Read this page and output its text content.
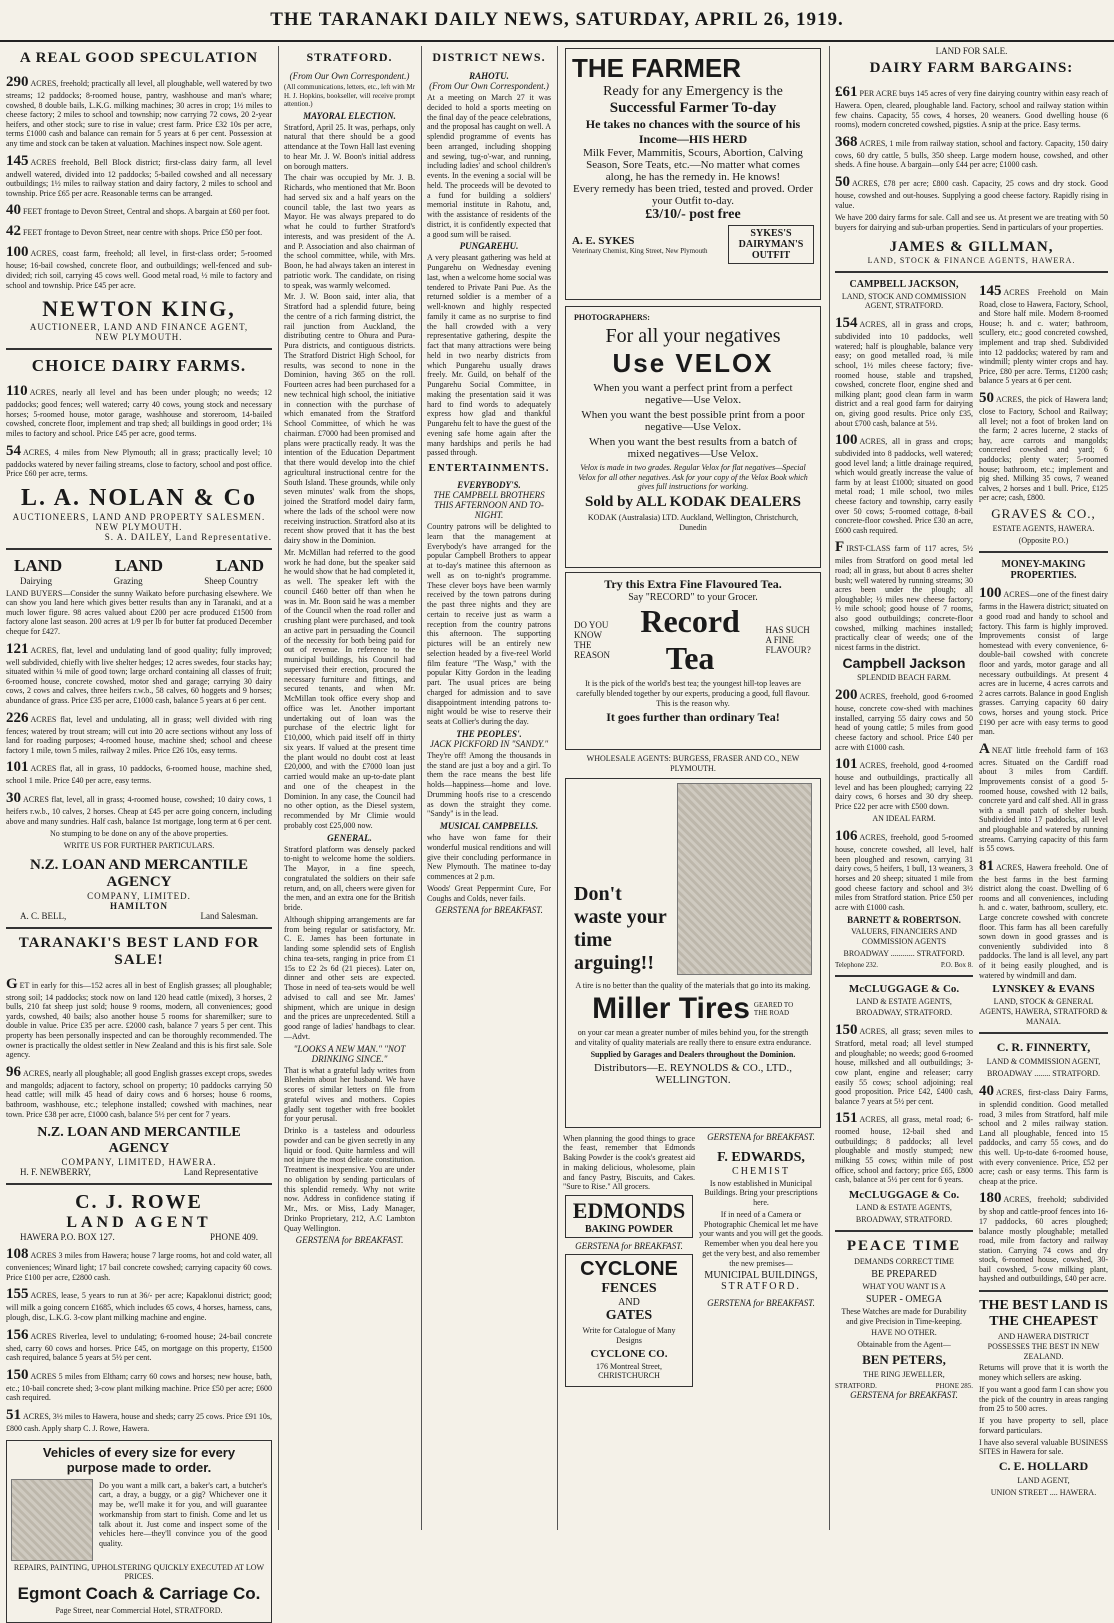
THE TARANAKI DAILY NEWS, SATURDAY, APRIL 26, 1919.
A REAL GOOD SPECULATION
290 ACRES, freehold; practically all level, all ploughable, well watered by two streams; 12 paddocks; 8-roomed house, pantry, washhouse and man's whare; cowshed, 8 double bails, L.K.G. milking machines; 30 acres in crop; 1½ miles to cheese factory; 2 miles to school and township; now carrying 72 cows, 20 2-year heifers, and other stock; sure to rise in value; crest farm. Price £32 10s per acre, terms £1000 cash and balance can remain for 5 years at 6 per cent. Possession at any time and stock can be taken at valuation. Machines inspect now. Sole agent.
145 ACRES freehold, Bell Block district; first-class dairy farm, all level andwell watered, divided into 12 paddocks; 5-bailed cowshed and all necessary outbuildings; 1½ miles to railway station and dairy factory, 2 miles to school and township. Price £65 per acre. Reasonable terms can be arranged.
40 FEET frontage to Devon Street, Central and shops. A bargain at £60 per foot.
42 FEET frontage to Devon Street, near centre with shops. Price £50 per foot.
100 ACRES, coast farm, freehold; all level, in first-class order; 5-roomed house; 16-bail cowshed, concrete floor, and outbuildings; well-fenced and sub-divided; rich soil, carrying 45 cows well. Good metal road, ½ mile to factory and school and township. Price £45 per acre.
NEWTON KING,
AUCTIONEER, LAND AND FINANCE AGENT,
NEW PLYMOUTH.
CHOICE DAIRY FARMS.
110 ACRES, nearly all level and has been under plough; no weeds; 12 paddocks; good fences; well watered; carry 40 cows, young stock and necessary horses; 5-roomed house, motor garage, washhouse and storeroom, 14-bailed cowshed, concrete floor, implement and trap shed; all buildings in good order; 1¼ miles to factory and school. Price £45 per acre, good terms.
54 ACRES, 4 miles from New Plymouth; all in grass; practically level; 10 paddocks watered by never failing streams, close to factory, school and post office. Price £60 per acre, terms.
L. A. NOLAN & Co
AUCTIONEERS, LAND AND PROPERTY SALESMEN.
NEW PLYMOUTH.
S. A. DAILEY, Land Representative.
LAND	LAND	LAND
Dairying	Grazing	Sheep Country
LAND BUYERS—Consider the sunny Waikato before purchasing elsewhere. We can show you land here which gives better results than any in Taranaki, and at a much lower figure. 98 acres valued about £200 per acre produced £1500 from factory alone last season. 200 acres at 1/9 per lb for butter fat produced December cheque for £427.
121 ACRES, flat, level and undulating land of good quality; fully improved; well subdivided, chiefly with live shelter hedges; 12 acres swedes, four stacks hay; situated within ¼ mile of good town; large orchard containing all classes of fruit; 6-roomed house, concrete cowshed, motor shed and garage; carrying 30 dairy cows, 2 cows and calves, three heifers r.w.b., 58 calves, 60 hoggets and 9 horses; abundance of grass. Price £35 per acre, £1000 cash, balance 5 years at 6 per cent.
226 ACRES flat, level and undulating, all in grass; well divided with ring fences; watered by trout stream; will cut into 20 acre sections without any loss of land for roading purposes; 4-roomed house, machine shed; school and cheese factory 1 mile, town 5 miles, railway 2 miles. Price £26 10s, easy terms.
101 ACRES flat, all in grass, 10 paddocks, 6-roomed house, machine shed, school 1 mile. Price £40 per acre, easy terms.
30 ACRES flat, level, all in grass; 4-roomed house, cowshed; 10 dairy cows, 1 heifers r.w.b., 10 calves, 2 horses. Cheap at £45 per acre going concern, including above and many sundries. Half cash, balance 1st mortgage, long term at 6 per cent.
No stumping to be done on any of the above properties.
WRITE US FOR FURTHER PARTICULARS.
N.Z. LOAN AND MERCANTILE AGENCY
COMPANY, LIMITED.
HAMILTON
A. C. BELL,	Land Salesman.
TARANAKI'S BEST LAND FOR SALE!
GET in early for this—152 acres all in best of English grasses; all ploughable; strong soil; 14 paddocks; stock now on land 120 head cattle (mixed), 3 horses, 2 bulls, 210 fat sheep just sold; house 9 rooms, modern, all conveniences; good yards, cowshed, 40 bails; also another house 5 rooms for sharemilker; sure to double in value. Price £35 per acre. £2000 cash, balance 7 years 5 per cent. This property has been personally inspected and can be thoroughly recommended. The owner is practically the oldest settler in New Zealand and this is his first sale. Sole agency.
96 ACRES, nearly all ploughable; all good English grasses except crops, swedes and mangolds; adjacent to factory, school on property; 10 paddocks carrying 50 head cattle; will milk 45 head of dairy cows and 6 horses; house 6 rooms, bathroom, washhouse, etc.; telephone installed; cowshed with machines, near town. Price £38 per acre, £1000 cash, balance 5½ per cent for 7 years.
N.Z. LOAN AND MERCANTILE AGENCY
COMPANY, LIMITED, HAWERA.
H. F. NEWBERRY,	Land Representative
C. J. ROWE
LAND AGENT
HAWERA P.O. BOX 127.	PHONE 409.
108 ACRES 3 miles from Hawera; house 7 large rooms, hot and cold water, all conveniences; Winard light; 17 bail concrete cowshed; carrying capacity 60 cows. Price £100 per acre, £2800 cash.
155 ACRES, lease, 5 years to run at 36/- per acre; Kapaklonui district; good; will milk a going concern £1685, which includes 65 cows, 4 horses, harness, cans, plough, disc, L.K.G. 3-cow plant milking machine and engine.
156 ACRES Riverlea, level to undulating; 6-roomed house; 24-bail concrete shed, carry 60 cows and horses. Price £45, on mortgage on this property, £1500 cash required, balance 5 years at 5½ per cent.
150 ACRES 5 miles from Eltham; carry 60 cows and horses; new house, bath, etc.; 10-bail concrete shed; 3-cow plant milking machine. Price £50 per acre; £600 cash required.
51 ACRES, 3½ miles to Hawera, house and sheds; carry 25 cows. Price £91 10s, £800 cash. Apply sharp C. J. Rowe, Hawera.
Vehicles of every size for every
purpose made to order.
Do you want a milk cart, a baker's cart, a butcher's cart, a dray, a buggy, or a gig? Whichever one it may be, we'll make it for you, and will guarantee workmanship from start to finish. Come and let us talk about it. Just come and inspect some of the vehicles here—they'll convince you of the good quality.
REPAIRS, PAINTING, UPHOLSTERING QUICKLY EXECUTED AT LOW PRICES.
Egmont Coach & Carriage Co.
Page Street, near Commercial Hotel, STRATFORD.
STRATFORD.
(From Our Own Correspondent.)
(All communications, letters, etc., left with Mr H. J. Hopkins, bookseller, will receive prompt attention.)
MAYORAL ELECTION.
Stratford, April 25. It was, perhaps, only natural that there should be a good attendance at the Town Hall last evening to hear Mr. J. W. Boon's initial address on borough matters.
The chair was occupied by Mr. J. B. Richards, who mentioned that Mr. Boon had served six and a half years on the council table, the last two years as Mayor. He was always prepared to do what he could to further Stratford's interests, and was president of the A. and P. Association and also chairman of the school committee, while, with Mrs. Boon, he had always taken an interest in patriotic work. The candidate, on rising to speak, was warmly welcomed.
Mr. J. W. Boon said, inter alia, that Stratford had a splendid future, being the centre of a rich farming district, the rail junction from Auckland, the distributing centre to Ohura and Pura-Pura districts, and contiguous districts. The Stratford District High School, for results, was second to none in the Dominion, having 365 on the roll. Fourteen acres had been purchased for a new technical high school, the initiative in connection with the purchase of which emanated from the Stratford School Committee, of which he was chairman. £7000 had been promised and plans were practically ready. It was the intention of the Education Department that there would develop into the chief agricultural instructional centre for the South Island. These grounds, while only seven minutes' walk from the shops, joined the Stratford model dairy farm, where the lads of the school were now receiving instruction. Stratford also at its recent show proved that it has the best dairy show in the Dominion.
Mr. McMillan had referred to the good work he had done, but the speaker said he would show that he had completed it, as well. The speaker left with the council £460 better off than when he was in. Mr. Boon said he was a member of the Council when the road roller and crushing plant were purchased, and took an active part in persuading the Council of the necessity for both being paid for out of revenue. In reference to the municipal buildings, his Council had supervised their erection, procured the necessary furniture and fittings, and secured tenants, and when Mr. McMillan took office every shop and office was let. Another important undertaking out of loan was the purchase of the electric light for £10,000, which paid itself off in thirty six years. If valued at the present time the plant would no doubt cost at least £20,000, and with the £7000 loan just carried would make an up-to-date plant and one of the cheapest in the Dominion. In any case, the Council had no other option, as the Diesel system, recommended by Mr Climie would probably cost £25,000 now.
GENERAL.
Stratford platform was densely packed to-night to welcome home the soldiers. The Mayor, in a fine speech, congratulated the soldiers on their safe return, and, on all, cheers were given for the men, and an extra one for the British bride.
Although shipping arrangements are far from being regular or satisfactory, Mr. C. E. James has been fortunate in landing some splendid sets of English china tea-sets, ranging in price from £1 15s to £2 2s 6d (21 pieces). Later on, dinner and other sets are expected. Those in need of tea-sets would be well advised to call and see Mr. James' shipment, which are unique in design and the prices are unprecedented. Still a good range of ladies' handbags to clear.—Advt.
"LOOKS A NEW MAN." "NOT DRINKING SINCE."
That is what a grateful lady writes from Blenheim about her husband. We have scores of similar letters on file from grateful wives and mothers. Copies gladly sent together with free booklet for your perusal.
Drinko is a tasteless and odourless powder and can be given secretly in any liquid or food. Quite harmless and will not injure the most delicate constitution. Treatment is inexpensive. You are under no obligation by sending particulars of this splendid remedy. Why not write now. Address in confidence stating if Mr., Mrs. or Miss, Lady Manager, Drinko Proprietary, 212, A.C Lambton Quay Wellington.
GERSTENA for BREAKFAST.
DISTRICT NEWS.
RAHOTU.
(From Our Own Correspondent.)
At a meeting on March 27 it was decided to hold a sports meeting on the final day of the peace celebrations, and the proposal has caught on well. A splendid programme of events has been arranged, including shopping and sewing, tug-o'-war, and running, including ladies' and school children's events. In the evening a social will be held. The proceeds will be devoted to a fund for building a soldiers' memorial institute in Rahotu, and, with the assistance of residents of the district, it is confidently expected that a good sum will be raised.
PUNGAREHU.
A very pleasant gathering was held at Pungarehu on Wednesday evening last, when a welcome home social was tendered to Private Pani Pue. As the returned soldier is a member of a well-known and highly respected family it came as no surprise to find the hall crowded with a very representative gathering, despite the fact that many attractions were being held in two nearby districts from which Pungarehu usually draws freely. Mr. Guild, on behalf of the Pungarehu Social Committee, in making the presentation said it was hard to find words to adequately express how glad and thankful Pungarehu felt to have the guest of the evening safe home again after the many hardships and perils he had passed through.
ENTERTAINMENTS.
EVERYBODY'S.
THE CAMPBELL BROTHERS THIS AFTERNOON AND TO-NIGHT.
Country patrons will be delighted to learn that the management at Everybody's have arranged for the popular Campbell Brothers to appear at to-day's matinee this afternoon as well as on to-night's programme. These clever boys have been warmly received by the town patrons during the past three nights and they are certain to receive just as warm a reception from the country patrons this afternoon. The supporting pictures will be an entirely new selection headed by a five-reel World film feature "The Wasp," with the popular Kitty Gordon in the leading part. The usual prices are being charged for admission and to save disappointment intending patrons to-night would be wise to reserve their seats at Collier's during the day.
THE PEOPLES'.
JACK PICKFORD IN "SANDY."
They're off! Among the thousands in the stand are just a boy and a girl. To them the race means the best life holds—happiness—home and love. Drumming hoofs rise to a crescendo as down the straight they come. "Sandy" is in the lead.
MUSICAL CAMPBELLS.
who have won fame for their wonderful musical renditions and will give their concluding performance in New Plymouth. The matinee to-day commences at 2 p.m.
Woods' Great Peppermint Cure, For Coughs and Colds, never fails.
GERSTENA for BREAKFAST.
THE FARMER
Ready for any Emergency is the
Successful Farmer To-day
He takes no chances with the source of his Income—HIS HERD
Milk Fever, Mammitis, Scours, Abortion, Calving Season, Sore Teats, etc.—No matter what comes along, he has the remedy in. He knows!
Every remedy has been tried, tested and proved. Order your Outfit to-day.
£3/10/- post free
A. E. SYKES
Veterinary Chemist, King Street, New Plymouth
SYKES'S DAIRYMAN'S OUTFIT
PHOTOGRAPHERS:
For all your negatives
Use VELOX
When you want a perfect print from a perfect negative—Use Velox.
When you want the best possible print from a poor negative—Use Velox.
When you want the best results from a batch of mixed negatives—Use Velox.
Velox is made in two grades. Regular Velox for flat negatives—Special Velox for all other negatives. Ask for your copy of the Velox Book which gives full instructions for working.
Sold by ALL KODAK DEALERS
KODAK (Australasia) LTD. Auckland, Wellington, Christchurch, Dunedin
Try this Extra Fine Flavoured Tea.
Say "RECORD" to your Grocer.
DO YOU KNOW THE REASON
Record Tea
HAS SUCH A FINE FLAVOUR?
It is the pick of the world's best tea; the youngest hill-top leaves are carefully blended together by our experts, producing a good, full flavour. This is the reason why.
It goes further than ordinary Tea!
WHOLESALE AGENTS: BURGESS, FRASER AND CO., NEW PLYMOUTH.
Don't waste your time arguing!!
A tire is no better than the quality of the materials that go into its making.
Miller Tires GEARED TO THE ROAD
on your car mean a greater number of miles behind you, for the strength and vitality of quality materials are really there to ensure extra endurance.
Supplied by Garages and Dealers throughout the Dominion.
Distributors—E. REYNOLDS & CO., LTD.,
WELLINGTON.
When planning the good things to grace the feast, remember that Edmonds Baking Powder is the cook's greatest aid in making delicious, wholesome, plain and fancy Pastry, Biscuits, and Cakes. "Sure to Rise." All grocers.
EDMONDS
BAKING POWDER
GERSTENA for BREAKFAST.
CYCLONE
FENCES
AND
GATES
Write for Catalogue of Many Designs
CYCLONE CO.
176 Montreal Street, CHRISTCHURCH
GERSTENA for BREAKFAST.
F. EDWARDS,
CHEMIST
Is now established in Municipal Buildings. Bring your prescriptions here.
If in need of a Camera or Photographic Chemical let me have your wants and you will get the goods. Remember when you deal here you get the very best, and also remember the new premises—
MUNICIPAL BUILDINGS,
STRATFORD.
GERSTENA for BREAKFAST.
LAND FOR SALE.
DAIRY FARM BARGAINS:
£61 PER ACRE buys 145 acres of very fine dairying country within easy reach of Hawera. Open, cleared, ploughable land. Factory, school and railway station within few chains. Capacity, 55 cows, 4 horses, 20 weaners. Good dwelling house (6 rooms), modern concreted cowshed, pigsties. A snip at the price. Easy terms.
368 ACRES, 1 mile from railway station, school and factory. Capacity, 150 dairy cows, 60 dry cattle, 5 bulls, 350 sheep. Large modern house, cowshed, and other sheds. A fine house. A bargain—only £44 per acre; £1000 cash.
50 ACRES, £78 per acre; £800 cash. Capacity, 25 cows and dry stock. Good house, cowshed and out-houses. Supplying a good cheese factory. Rapidly rising in value.
We have 200 dairy farms for sale. Call and see us. At present we are treating with 50 buyers for dairying and sub-urban properties. Send in particulars of your properties.
JAMES & GILLMAN,
LAND, STOCK & FINANCE AGENTS, HAWERA.
CAMPBELL JACKSON,
LAND, STOCK AND COMMISSION AGENT, STRATFORD.
154 ACRES, all in grass and crops, subdivided into 10 paddocks, well watered; half is ploughable, balance very easy; on good metalled road, ¾ mile school, 1½ miles cheese factory; five-roomed house, stable and trapshed, cowshed, concrete floor, engine shed and milking plant; good clean farm in warm district and a real good farm for dairying on, giving good results. Price only £35, about £700 cash, balance at 5½.
100 ACRES, all in grass and crops; subdivided into 8 paddocks, well watered; good level land; a little drainage required, which would greatly increase the value of farm by at least £1000; situated on good metal road; 1 mile school, two miles cheese factory and township, carry easily over 50 cows; 5-roomed cottage, 8-bail concrete-floor cowshed. Price £30 an acre, £600 cash required.
FIRST-CLASS farm of 117 acres, 5½ miles from Stratford on good metal led road; all in grass, but about 8 acres shelter bush; well watered by running streams; 30 acres been under the plough; all ploughable; ½ miles new cheese factory; ½ mile school; good house of 7 rooms, also good outbuildings; concrete-floor cowshed, milking machines installed; practically clear of weeds; one of the nicest farms in the district.
Campbell Jackson
SPLENDID BEACH FARM.
200 ACRES, freehold, good 6-roomed house, concrete cow-shed with machines installed, carrying 55 dairy cows and 50 head of young cattle; 5 miles from good cheese factory and school. Price £40 per acre with £1000 cash.
101 ACRES, freehold, good 4-roomed house and outbuildings, practically all level and has been ploughed; carrying 22 dairy cows, 6 horses and 30 dry sheep. Price £22 per acre with £500 down.
AN IDEAL FARM.
106 ACRES, freehold, good 5-roomed house, concrete cowshed, all level, half been ploughed and resown, carrying 31 dairy cows, 5 heifers, 1 bull, 13 weaners, 3 horses and 20 sheep; situated 1 mile from good cheese factory and school and 3½ miles from Stratford station. Price £50 per acre with £1000 cash.
BARNETT & ROBERTSON.
VALUERS, FINANCIERS AND COMMISSION AGENTS
BROADWAY ............ STRATFORD.
Telephone 232.	P.O. Box 8.
McCLUGGAGE & Co.
LAND & ESTATE AGENTS,
BROADWAY, STRATFORD.
150 ACRES, all grass; seven miles to Stratford, metal road; all level stumped and ploughable; no weeds; good 6-roomed house, milkshed and all outbuildings; 3-cow plant, engine and releaser; carry easily 55 cows; school adjoining; real good proposition. Price £42, £400 cash, balance 7 years at 5½ per cent.
151 ACRES, all grass, metal road; 6-roomed house, 12-bail shed and outbuildings; 8 paddocks; all level ploughable and mostly stumped; new milking 55 cows; within mile of post office, school and factory; price £65, £800 cash, balance at 5½ per cent for 6 years.
McCLUGGAGE & Co.
LAND & ESTATE AGENTS,
BROADWAY, STRATFORD.
PEACE TIME
DEMANDS CORRECT TIME
BE PREPARED
WHAT YOU WANT IS A
SUPER - OMEGA
These Watches are made for Durability and give Precision in Time-keeping.
HAVE NO OTHER.
Obtainable from the Agent—
BEN PETERS,
THE RING JEWELLER,
STRATFORD.	PHONE 285.
GERSTENA for BREAKFAST.
145 ACRES Freehold on Main Road, close to Hawera, Factory, School, and Store half mile. Modern 8-roomed House; h. and c. water; bathroom, scullery, etc.; good concreted cowshed, implement and trap shed. Subdivided into 12 paddocks; watered by ram and windmill; plenty winter crops and hay. Price, £80 per acre. Terms, £1200 cash; balance 5 years at 6 per cent.
50 ACRES, the pick of Hawera land; close to Factory, School and Railway; all level; not a foot of broken land on the farm; 2 acres lucerne, 2 stacks of hay, acre carrots and mangolds; concreted cowshed and yard; 6 paddocks; plenty water; 5-roomed house; bathroom, etc.; implement and pig shed. Milking 35 cows, 7 weaned calves, 2 horses and 1 bull. Price, £125 per acre; cash, £800.
GRAVES & CO.,
ESTATE AGENTS, HAWERA.
(Opposite P.O.)
MONEY-MAKING PROPERTIES.
100 ACRES—one of the finest dairy farms in the Hawera district; situated on a good road and handy to school and factory. This farm is highly improved. Improvements consist of large homestead with every convenience, 6-double-bail cowshed with concrete floor and yards, motor garage and all necessary outbuildings. At present 4 acres are in lucerne, 4 acres carrots and 2 acres carrots. Balance in good English grasses. Carrying capacity 60 dairy cows, horses and young stock. Price £190 per acre with easy terms to good man.
ANEAT little freehold farm of 163 acres. Situated on the Cardiff road about 3 miles from Cardiff. Improvements consist of a good 5-roomed house, cowshed with 12 bails, concrete yard and calf shed. All in grass with a small patch of shelter bush. Subdivided into 17 paddocks, all level and ploughable and watered by running streams. Carrying capacity of this farm is 55 cows.
81 ACRES, Hawera freehold. One of the best farms in the best farming district along the coast. Dwelling of 6 rooms and all conveniences, including h. and c. water, bathroom, scullery, etc. Large concrete cowshed with concrete floor. This farm has all been carefully sown down in good grasses and is conveniently subdivided into 8 paddocks. The land is all level, any part of it being easily ploughed, and is watered by windmill and dam.
LYNSKEY & EVANS
LAND, STOCK & GENERAL AGENTS, HAWERA, STRATFORD & MANAIA.
C. R. FINNERTY,
LAND & COMMISSION AGENT,
BROADWAY ........ STRATFORD.
40 ACRES, first-class Dairy Farms, in splendid condition. Good metalled road, 3 miles from Stratford, half mile school and 2 miles railway station. Land all ploughable, fenced into 15 paddocks, and carry 55 cows, and do this well. Up-to-date 6-roomed house, with every convenience. Price, £52 per acre; cash or easy terms. This farm is cheap at the price.
180 ACRES, freehold; subdivided by shop and cattle-proof fences into 16-17 paddocks, 60 acres ploughed; balance mostly ploughable; metalled road, mile from factory and railway station. Carrying 74 cows and dry stock, 6-roomed house, cowshed, 30-bail cowshed, 5-cow milking plant, hayshed and outbuildings, £40 per acre.
THE BEST LAND IS
THE CHEAPEST
AND HAWERA DISTRICT POSSESSES THE BEST IN NEW ZEALAND.
Returns will prove that it is worth the money which sellers are asking.
If you want a good farm I can show you the pick of the country in areas ranging from 25 to 500 acres.
If you have property to sell, place forward particulars.
I have also several valuable BUSINESS SITES in Hawera for sale.
C. E. HOLLARD
LAND AGENT,
UNION STREET .... HAWERA.
